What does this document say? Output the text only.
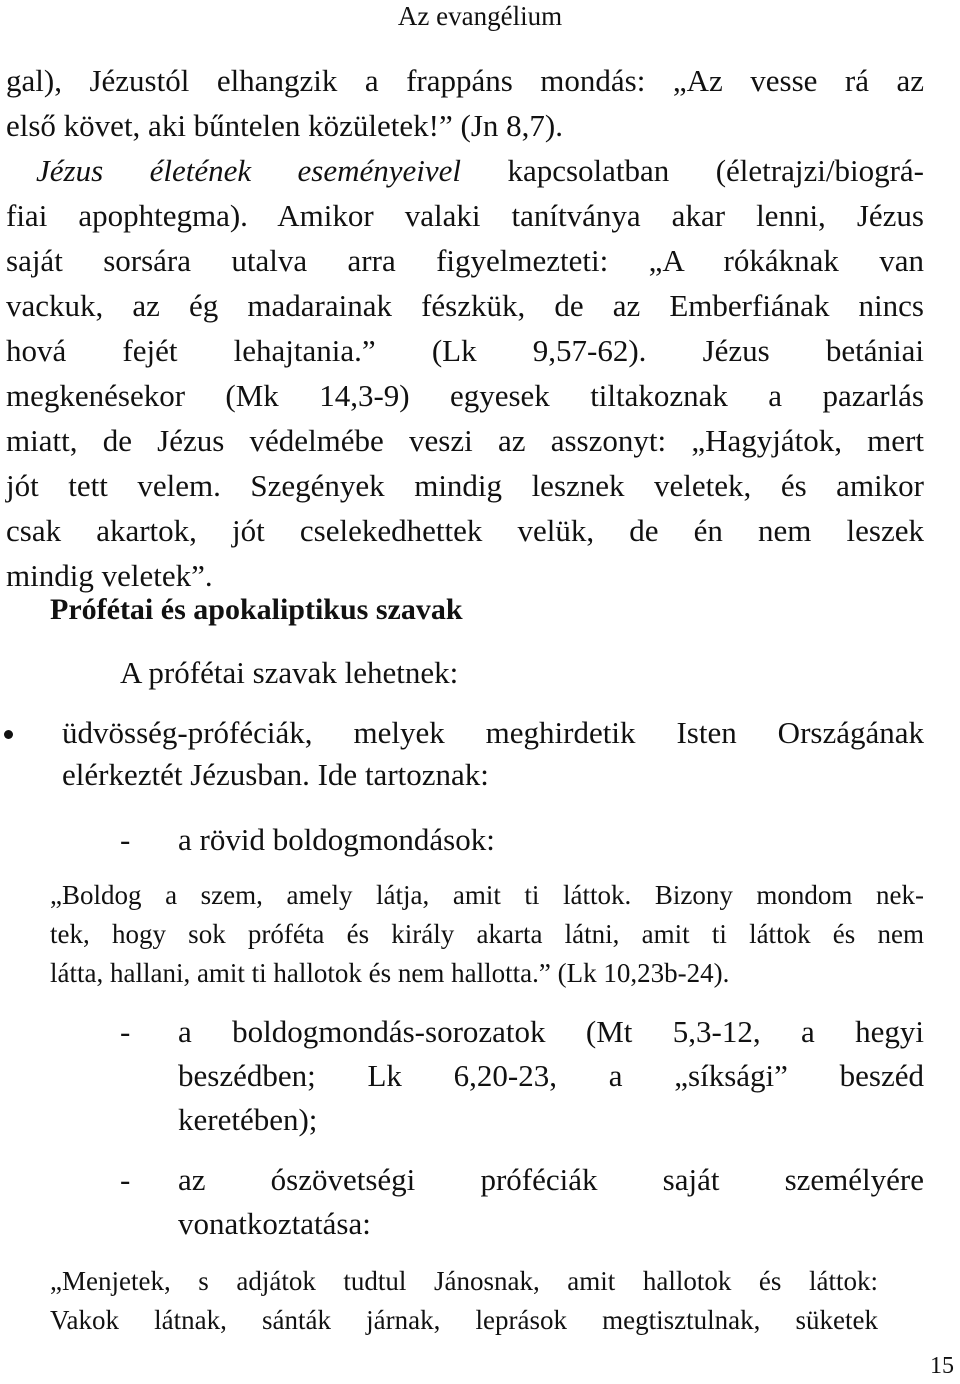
Az evangélium
gal), Jézustól elhangzik a frappáns mondás: „Az vesse rá az
első követ, aki bűntelen közületek!” (Jn 8,7).
Jézus életének eseményeivel kapcsolatban (életrajzi/biográ-
fiai apophtegma). Amikor valaki tanítványa akar lenni, Jézus
saját sorsára utalva arra figyelmezteti: „A rókáknak van
vackuk, az ég madarainak fészkük, de az Emberfiának nincs
hová fejét lehajtania.” (Lk 9,57-62). Jézus betániai
megkenésekor (Mk 14,3-9) egyesek tiltakoznak a pazarlás
miatt, de Jézus védelmébe veszi az asszonyt: „Hagyjátok, mert
jót tett velem. Szegények mindig lesznek veletek, és amikor
csak akartok, jót cselekedhettek velük, de én nem leszek
mindig veletek”.
Prófétai és apokaliptikus szavak
A prófétai szavak lehetnek:
üdvösség-próféciák, melyek meghirdetik Isten Országának
elérkeztét Jézusban. Ide tartoznak:
- a rövid boldogmondások:
„Boldog a szem, amely látja, amit ti láttok. Bizony mondom nek-
tek, hogy sok próféta és király akarta látni, amit ti láttok és nem
látta, hallani, amit ti hallotok és nem hallotta.” (Lk 10,23b-24).
- a boldogmondás-sorozatok (Mt 5,3-12, a hegyi
beszédben; Lk 6,20-23, a „síksági” beszéd
keretében);
- az ószövetségi próféciák saját személyére
vonatkoztatása:
„Menjetek, s adjátok tudtul Jánosnak, amit hallotok és láttok:
Vakok látnak, sánták járnak, leprások megtisztulnak, süketek
15
